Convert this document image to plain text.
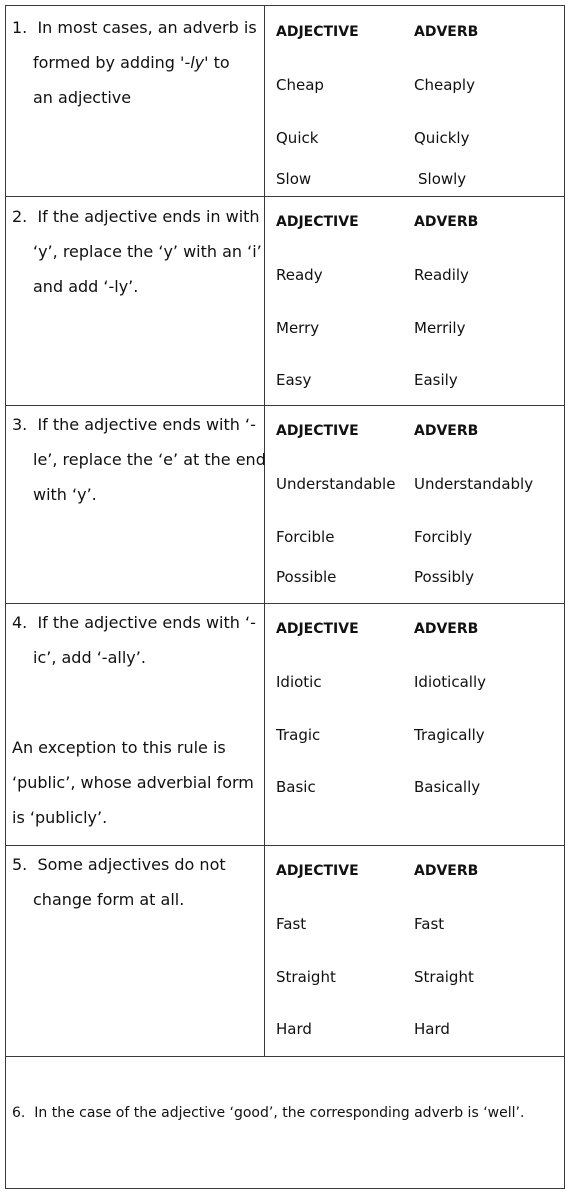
1.  In most cases, an adverb is
formed by adding '-ly' to
an adjective
ADJECTIVE	ADVERB
Cheap	Cheaply
Quick	Quickly
Slow	Slowly
2.  If the adjective ends in with
‘y’, replace the ‘y’ with an ‘i’
and add ‘-ly’.
ADJECTIVE	ADVERB
Ready	Readily
Merry	Merrily
Easy	Easily
3.  If the adjective ends with ‘-
le’, replace the ‘e’ at the end
with ‘y’.
ADJECTIVE	ADVERB
Understandable Understandably
Forcible	Forcibly
Possible	Possibly
4.  If the adjective ends with ‘-
ic’, add ‘-ally’.
An exception to this rule is
‘public’, whose adverbial form
is ‘publicly’.
ADJECTIVE	ADVERB
Idiotic	Idiotically
Tragic	Tragically
Basic	Basically
5.  Some adjectives do not
change form at all.
ADJECTIVE	ADVERB
Fast	Fast
Straight	Straight
Hard	Hard
6.  In the case of the adjective ‘good’, the corresponding adverb is ‘well’.
